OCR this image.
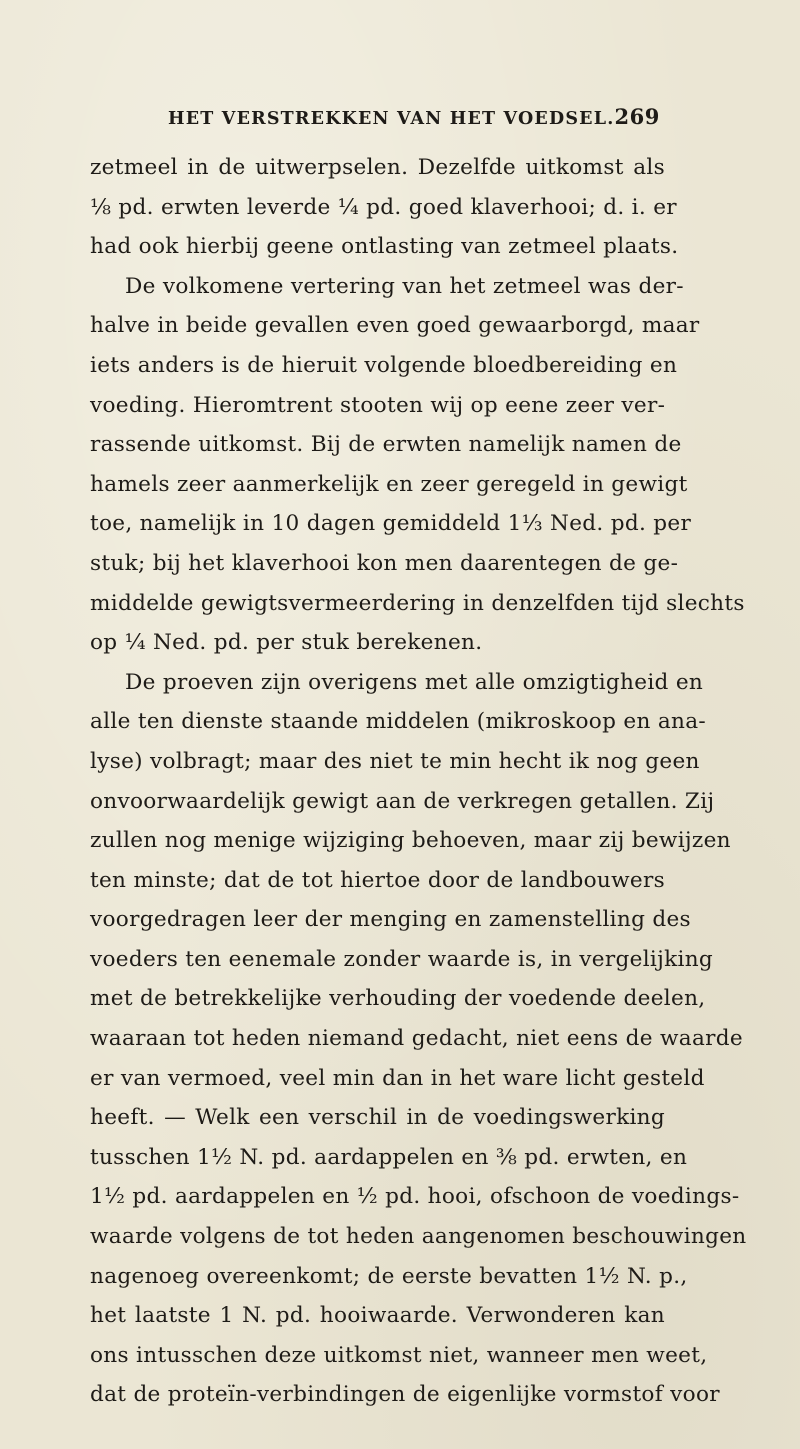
HET VERSTREKKEN VAN HET VOEDSEL. 269
zetmeel in de uitwerpselen. Dezelfde uitkomst als
⅛ pd. erwten leverde ¼ pd. goed klaverhooi; d. i. er
had ook hierbij geene ontlasting van zetmeel plaats.
De volkomene vertering van het zetmeel was der-
halve in beide gevallen even goed gewaarborgd, maar
iets anders is de hieruit volgende bloedbereiding en
voeding. Hieromtrent stooten wij op eene zeer ver-
rassende uitkomst. Bij de erwten namelijk namen de
hamels zeer aanmerkelijk en zeer geregeld in gewigt
toe, namelijk in 10 dagen gemiddeld 1⅓ Ned. pd. per
stuk; bij het klaverhooi kon men daarentegen de ge-
middelde gewigtsvermeerdering in denzelfden tijd slechts
op ¼ Ned. pd. per stuk berekenen.
De proeven zijn overigens met alle omzigtigheid en
alle ten dienste staande middelen (mikroskoop en ana-
lyse) volbragt; maar des niet te min hecht ik nog geen
onvoorwaardelijk gewigt aan de verkregen getallen. Zij
zullen nog menige wijziging behoeven, maar zij bewijzen
ten minste; dat de tot hiertoe door de landbouwers
voorgedragen leer der menging en zamenstelling des
voeders ten eenemale zonder waarde is, in vergelijking
met de betrekkelijke verhouding der voedende deelen,
waaraan tot heden niemand gedacht, niet eens de waarde
er van vermoed, veel min dan in het ware licht gesteld
heeft. — Welk een verschil in de voedingswerking
tusschen 1½ N. pd. aardappelen en ⅜ pd. erwten, en
1½ pd. aardappelen en ½ pd. hooi, ofschoon de voedings-
waarde volgens de tot heden aangenomen beschouwingen
nagenoeg overeenkomt; de eerste bevatten 1½ N. p.,
het laatste 1 N. pd. hooiwaarde. Verwonderen kan
ons intusschen deze uitkomst niet, wanneer men weet,
dat de proteïn-verbindingen de eigenlijke vormstof voor
